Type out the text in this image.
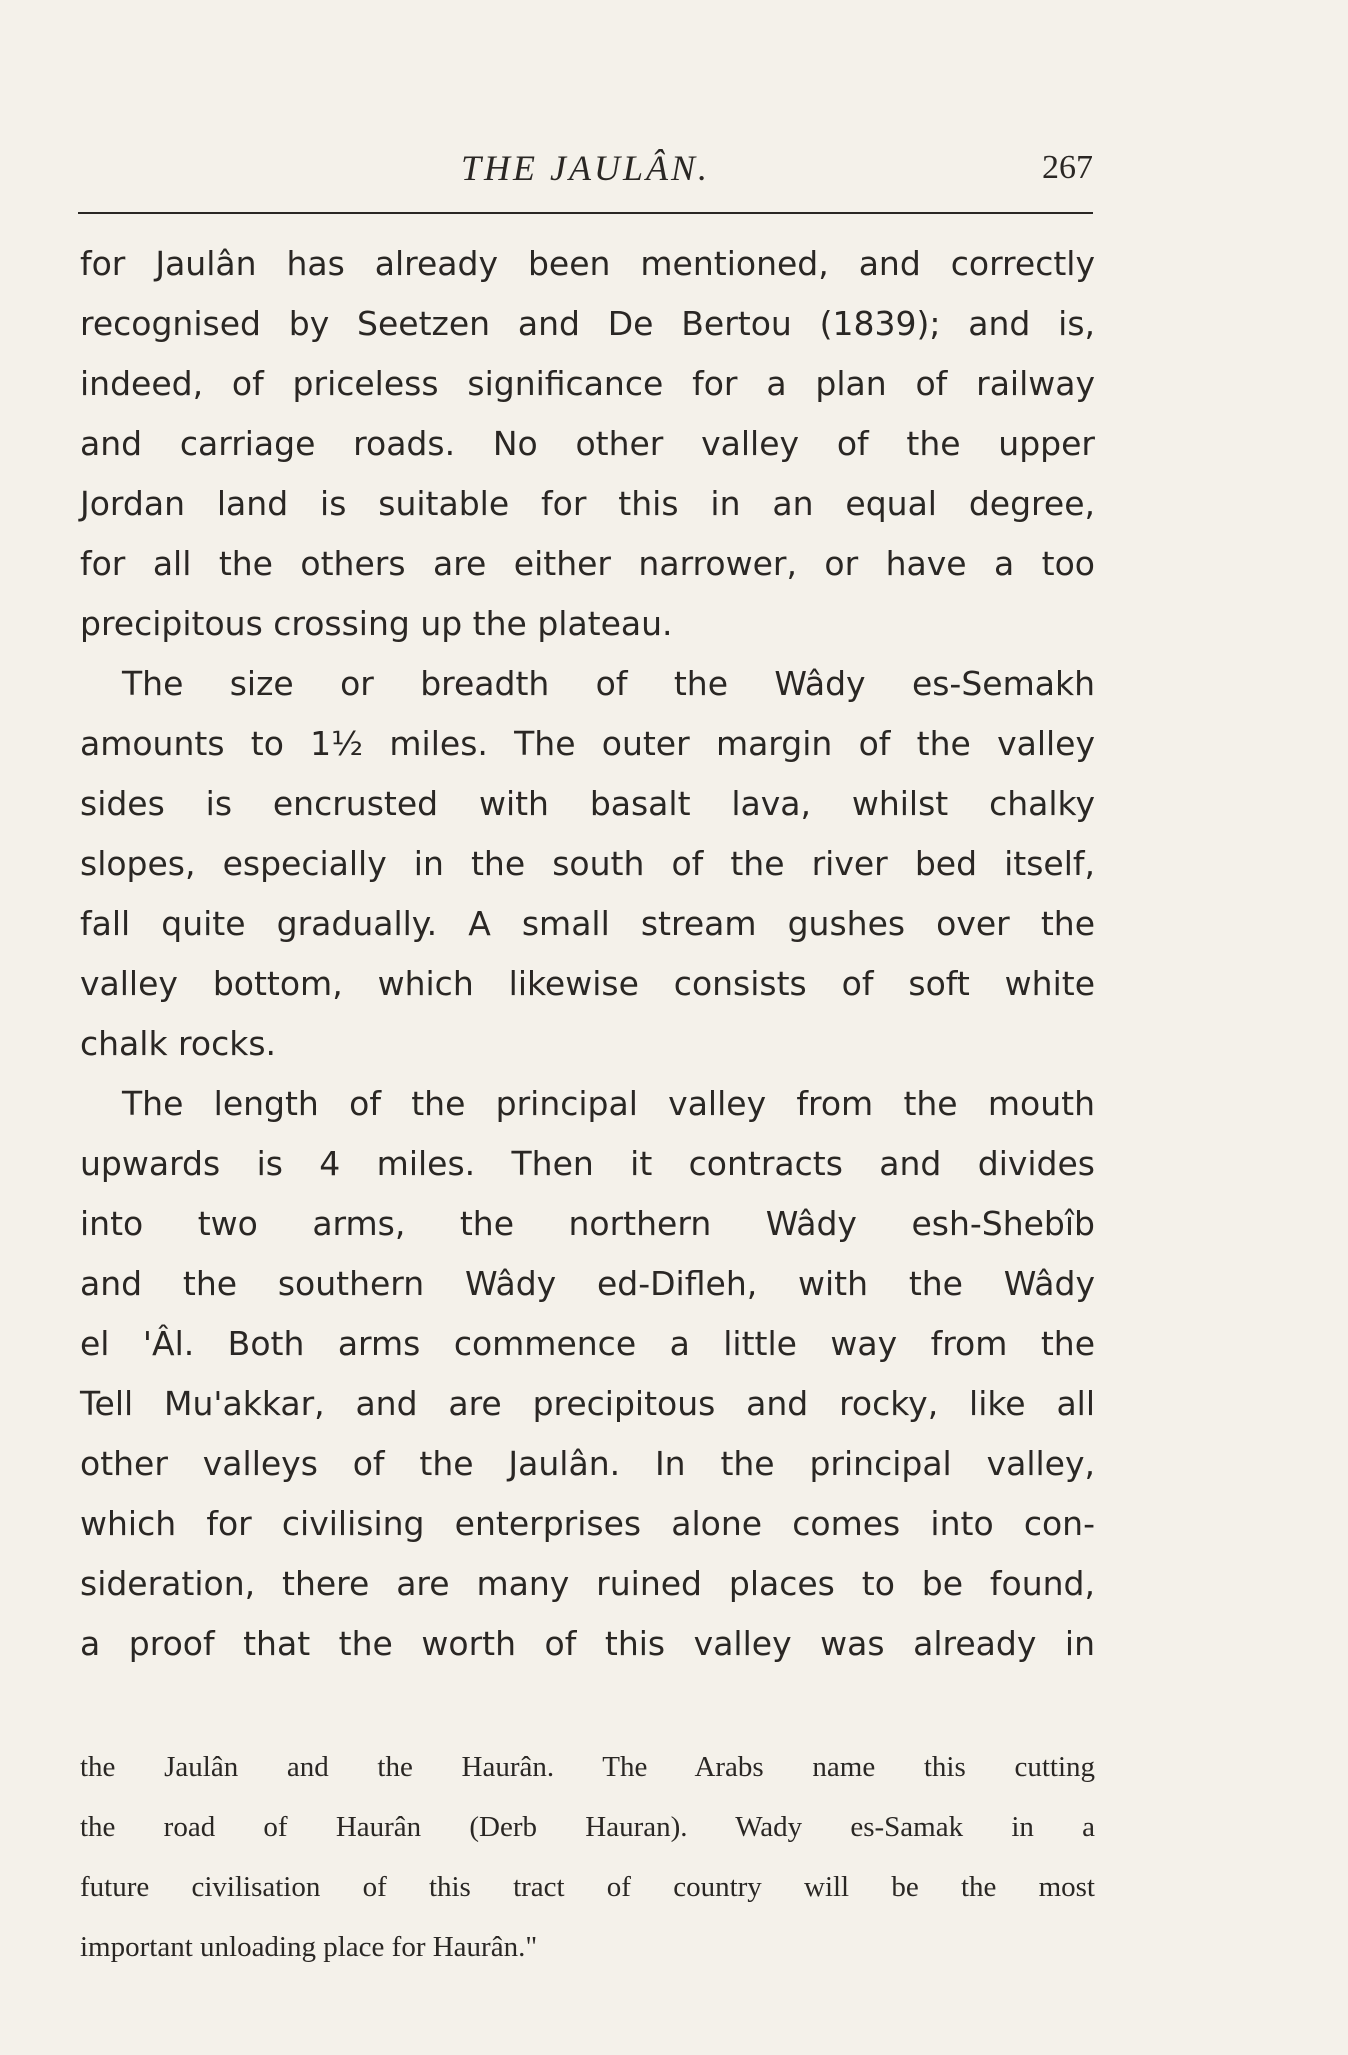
THE JAULÂN.	267
for Jaulân has already been mentioned, and correctly
recognised by Seetzen and De Bertou (1839); and is,
indeed, of priceless significance for a plan of railway
and carriage roads. No other valley of the upper
Jordan land is suitable for this in an equal degree,
for all the others are either narrower, or have a too
precipitous crossing up the plateau.
The size or breadth of the Wâdy es-Semakh
amounts to 1½ miles. The outer margin of the valley
sides is encrusted with basalt lava, whilst chalky
slopes, especially in the south of the river bed itself,
fall quite gradually. A small stream gushes over the
valley bottom, which likewise consists of soft white
chalk rocks.
The length of the principal valley from the mouth
upwards is 4 miles. Then it contracts and divides
into two arms, the northern Wâdy esh-Shebîb
and the southern Wâdy ed-Difleh, with the Wâdy
el 'Âl. Both arms commence a little way from the
Tell Mu'akkar, and are precipitous and rocky, like all
other valleys of the Jaulân. In the principal valley,
which for civilising enterprises alone comes into con-
sideration, there are many ruined places to be found,
a proof that the worth of this valley was already in
the Jaulân and the Haurân. The Arabs name this cutting
the road of Haurân (Derb Hauran). Wady es-Samak in a
future civilisation of this tract of country will be the most
important unloading place for Haurân."
